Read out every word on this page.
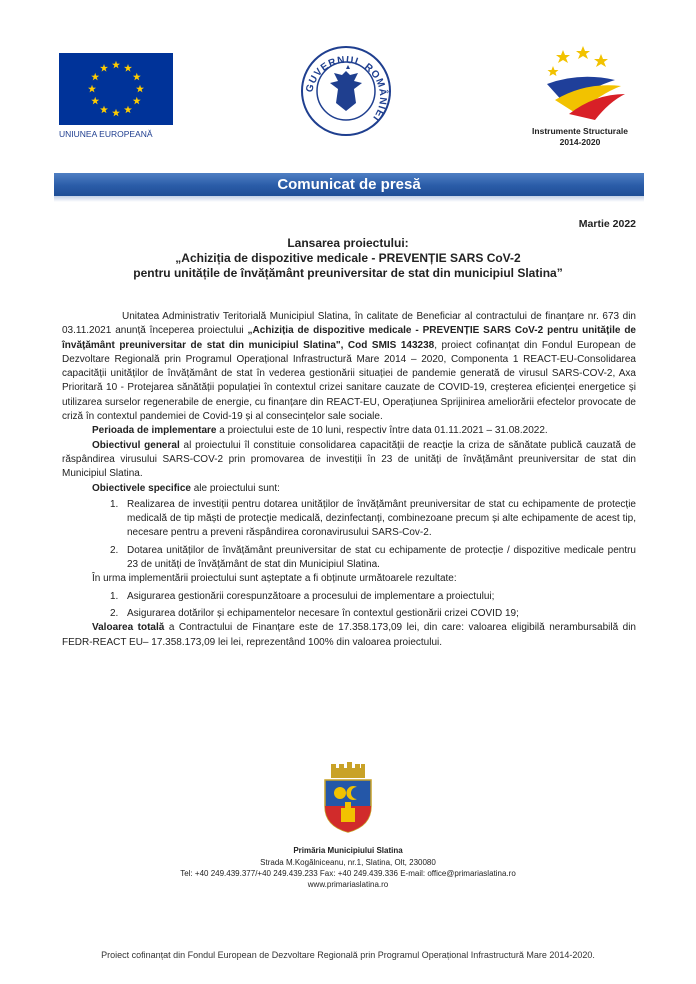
UNIUNEA EUROPEANĂ
GUVERNUL ROMÂNIEI
Instrumente Structurale
2014-2020
Comunicat de presă
Martie 2022
Lansarea proiectului:
„Achiziția de dispozitive medicale - PREVENȚIE SARS CoV-2
pentru unitățile de învățământ preuniversitar de stat din municipiul Slatina”

Unitatea Administrativ Teritorială Municipiul Slatina, în calitate de Beneficiar al contractului de finanțare nr. 673 din 03.11.2021 anunță începerea proiectului „Achiziția de dispozitive medicale - PREVENȚIE SARS CoV-2 pentru unitățile de învățământ preuniversitar de stat din municipiul Slatina", Cod SMIS 143238, proiect cofinanțat din Fondul European de Dezvoltare Regională prin Programul Operațional Infrastructură Mare 2014 – 2020, Componenta 1 REACT-EU-Consolidarea capacității unităților de învățământ de stat în vederea gestionării situației de pandemie generată de virusul SARS-COV-2, Axa Prioritară 10 - Protejarea sănătății populației în contextul crizei sanitare cauzate de COVID-19, creșterea eficienței energetice și utilizarea surselor regenerabile de energie, cu finanțare din REACT-EU, Operațiunea Sprijinirea ameliorării efectelor provocate de criză în contextul pandemiei de Covid-19 și al consecințelor sale sociale.

Perioada de implementare a proiectului este de 10 luni, respectiv între data 01.11.2021 – 31.08.2022.

Obiectivul general al proiectului îl constituie consolidarea capacității de reacție la criza de sănătate publică cauzată de răspândirea virusului SARS-COV-2 prin promovarea de investiții în 23 de unități de învățământ preuniversitar de stat din Municipiul Slatina.

Obiectivele specifice ale proiectului sunt:

1. Realizarea de investiții pentru dotarea unităților de învățământ preuniversitar de stat cu echipamente de protecție medicală de tip măști de protecție medicală, dezinfectanți, combinezoane precum și alte echipamente de acest tip, necesare pentru a preveni răspândirea coronavirusului SARS-Cov-2.
2. Dotarea unităților de învățământ preuniversitar de stat cu echipamente de protecție / dispozitive medicale pentru 23 de unități de învățământ de stat din Municipiul Slatina.

În urma implementării proiectului sunt așteptate a fi obținute următoarele rezultate:

1. Asigurarea gestionării corespunzătoare a procesului de implementare a proiectului;
2. Asigurarea dotărilor și echipamentelor necesare în contextul gestionării crizei COVID 19;

Valoarea totală a Contractului de Finanțare este de 17.358.173,09 lei, din care: valoarea eligibilă nerambursabilă din FEDR-REACT EU– 17.358.173,09 lei lei, reprezentând 100% din valoarea proiectului.

Primăria Municipiului Slatina
Strada M.Kogălniceanu, nr.1, Slatina, Olt, 230080
Tel: +40 249.439.377/+40 249.439.233 Fax: +40 249.439.336 E-mail: office@primariaslatina.ro
www.primariaslatina.ro
Proiect cofinanțat din Fondul European de Dezvoltare Regională prin Programul Operațional Infrastructură Mare 2014-2020.
